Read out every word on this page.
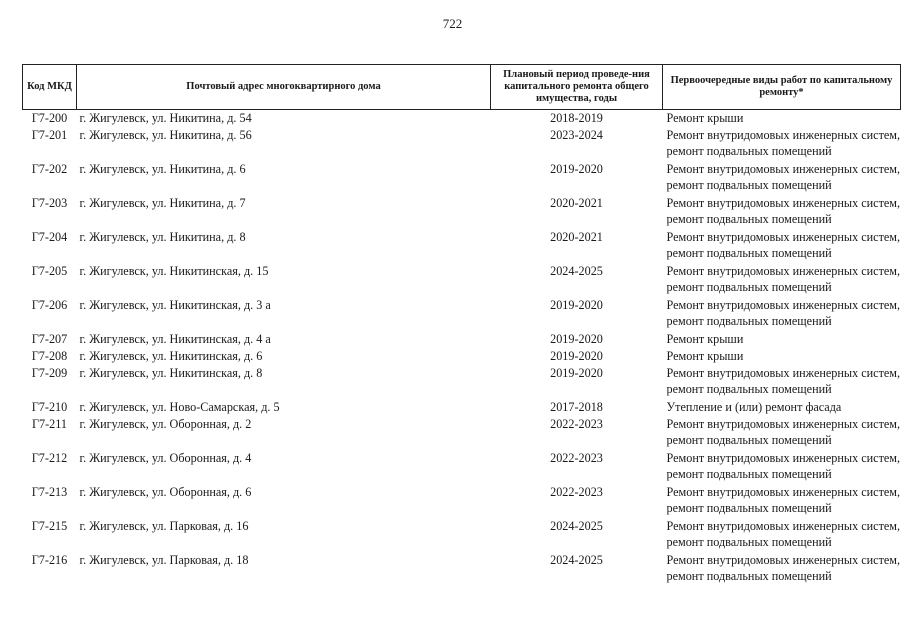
722
Код МКД	Почтовый адрес многоквартирного дома	Плановый период проведе-ния капитального ремонта общего имущества, годы	Первоочередные виды работ по капитальному ремонту*
Г7-200	г. Жигулевск, ул. Никитина, д. 54	2018-2019	Ремонт крыши

Г7-201	г. Жигулевск, ул. Никитина, д. 56	2023-2024	Ремонт внутридомовых инженерных систем,
ремонт подвальных помещений

Г7-202	г. Жигулевск, ул. Никитина, д. 6	2019-2020	Ремонт внутридомовых инженерных систем,
ремонт подвальных помещений

Г7-203	г. Жигулевск, ул. Никитина, д. 7	2020-2021	Ремонт внутридомовых инженерных систем,
ремонт подвальных помещений

Г7-204	г. Жигулевск, ул. Никитина, д. 8	2020-2021	Ремонт внутридомовых инженерных систем,
ремонт подвальных помещений

Г7-205	г. Жигулевск, ул. Никитинская, д. 15	2024-2025	Ремонт внутридомовых инженерных систем,
ремонт подвальных помещений

Г7-206	г. Жигулевск, ул. Никитинская, д. 3 а	2019-2020	Ремонт внутридомовых инженерных систем,
ремонт подвальных помещений

Г7-207	г. Жигулевск, ул. Никитинская, д. 4 а	2019-2020	Ремонт крыши

Г7-208	г. Жигулевск, ул. Никитинская, д. 6	2019-2020	Ремонт крыши

Г7-209	г. Жигулевск, ул. Никитинская, д. 8	2019-2020	Ремонт внутридомовых инженерных систем,
ремонт подвальных помещений

Г7-210	г. Жигулевск, ул. Ново-Самарская, д. 5	2017-2018	Утепление и (или) ремонт фасада

Г7-211	г. Жигулевск, ул. Оборонная, д. 2	2022-2023	Ремонт внутридомовых инженерных систем,
ремонт подвальных помещений

Г7-212	г. Жигулевск, ул. Оборонная, д. 4	2022-2023	Ремонт внутридомовых инженерных систем,
ремонт подвальных помещений

Г7-213	г. Жигулевск, ул. Оборонная, д. 6	2022-2023	Ремонт внутридомовых инженерных систем,
ремонт подвальных помещений

Г7-215	г. Жигулевск, ул. Парковая, д. 16	2024-2025	Ремонт внутридомовых инженерных систем,
ремонт подвальных помещений

Г7-216	г. Жигулевск, ул. Парковая, д. 18	2024-2025	Ремонт внутридомовых инженерных систем,
ремонт подвальных помещений
